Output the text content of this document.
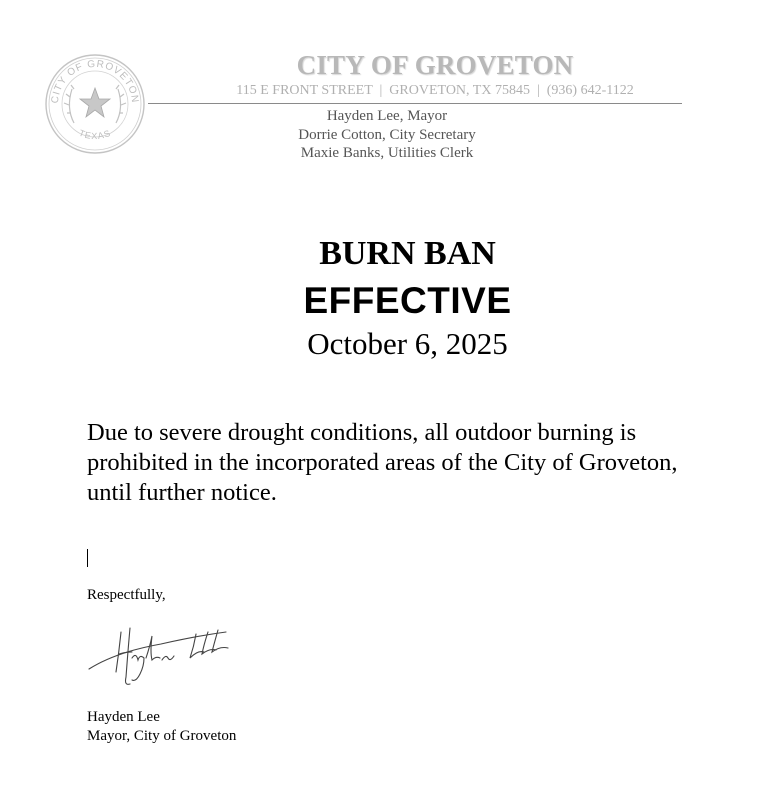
CITY OF GROVETON
TEXAS
CITY OF GROVETON
115 E FRONT STREET  |  GROVETON, TX 75845  |  (936) 642-1122
Hayden Lee, Mayor
Dorrie Cotton, City Secretary
Maxie Banks, Utilities Clerk
BURN BAN
EFFECTIVE
October 6, 2025
Due to severe drought conditions, all outdoor burning is prohibited in the incorporated areas of the City of Groveton, until further notice.
Respectfully,
Hayden Lee
Mayor, City of Groveton
